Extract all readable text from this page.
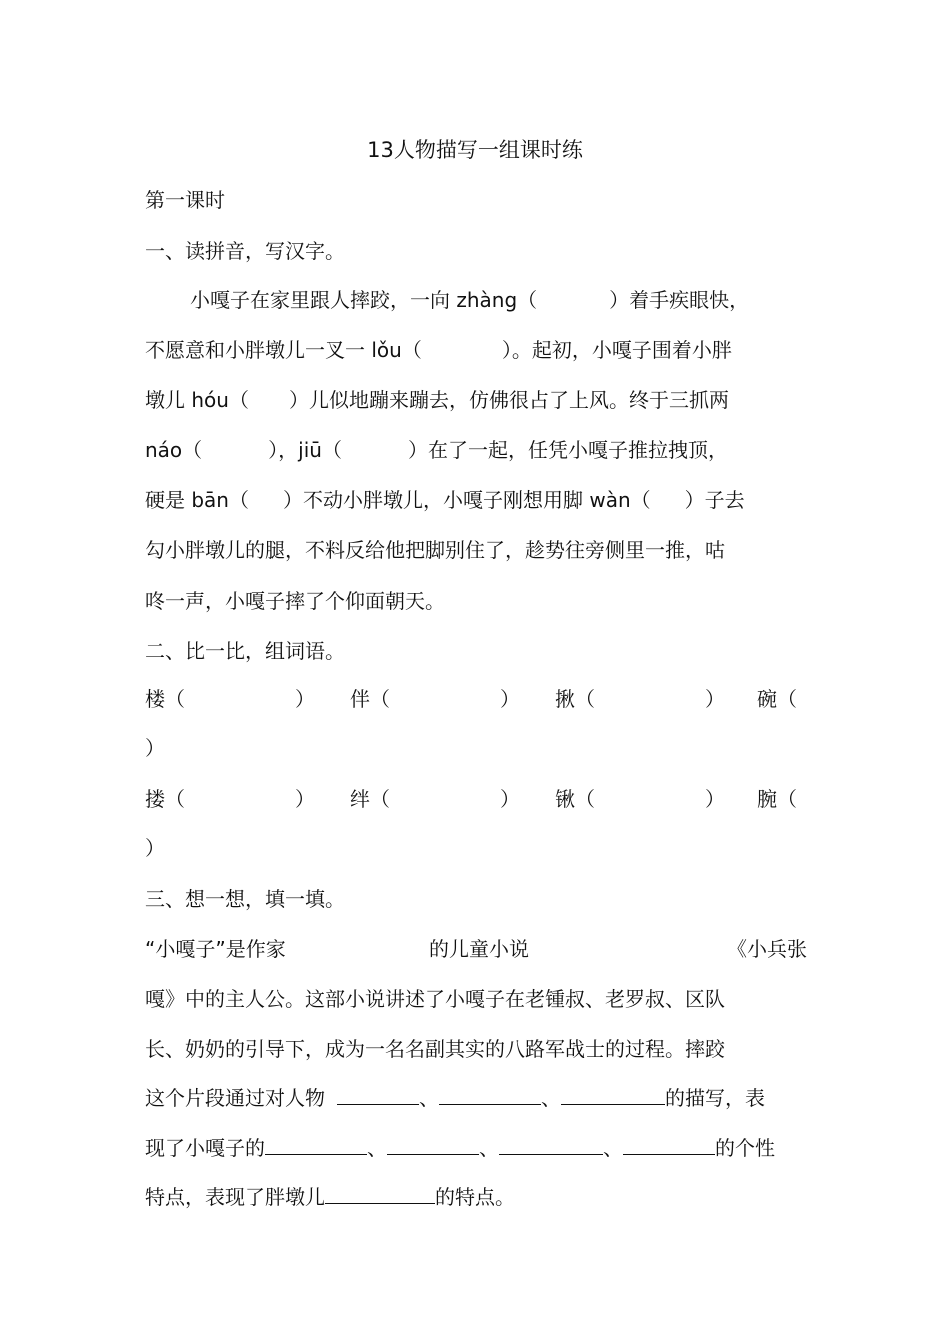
13人物描写一组课时练
第一课时
一、读拼音，写汉字。
小嘎子在家里跟人摔跤，一向 zhàng（	）着手疾眼快，
不愿意和小胖墩儿一叉一 lǒu（	）。起初，小嘎子围着小胖
墩儿 hóu（ ）儿似地蹦来蹦去，仿佛很占了上风。终于三抓两
náo（	），jiū（	）在了一起，任凭小嘎子推拉拽顶，
硬是 bān（ ）不动小胖墩儿，小嘎子刚想用脚 wàn（ ）子去
勾小胖墩儿的腿，不料反给他把脚别住了，趁势往旁侧里一推，咕
咚一声，小嘎子摔了个仰面朝天。
二、比一比，组词语。
楼（	） 伴（	） 揪（	） 碗（
）
搂（	） 绊（	） 锹（	） 腕（
）
三、想一想，填一填。
“小嘎子”是作家	的儿童小说	《小兵张
嘎》中的主人公。这部小说讲述了小嘎子在老锺叔、老罗叔、区队
长、奶奶的引导下，成为一名名副其实的八路军战士的过程。摔跤
这个片段通过对人物	、	、	的描写，表
现了小嘎子的	、	、	、	的个性
特点，表现了胖墩儿	的特点。
